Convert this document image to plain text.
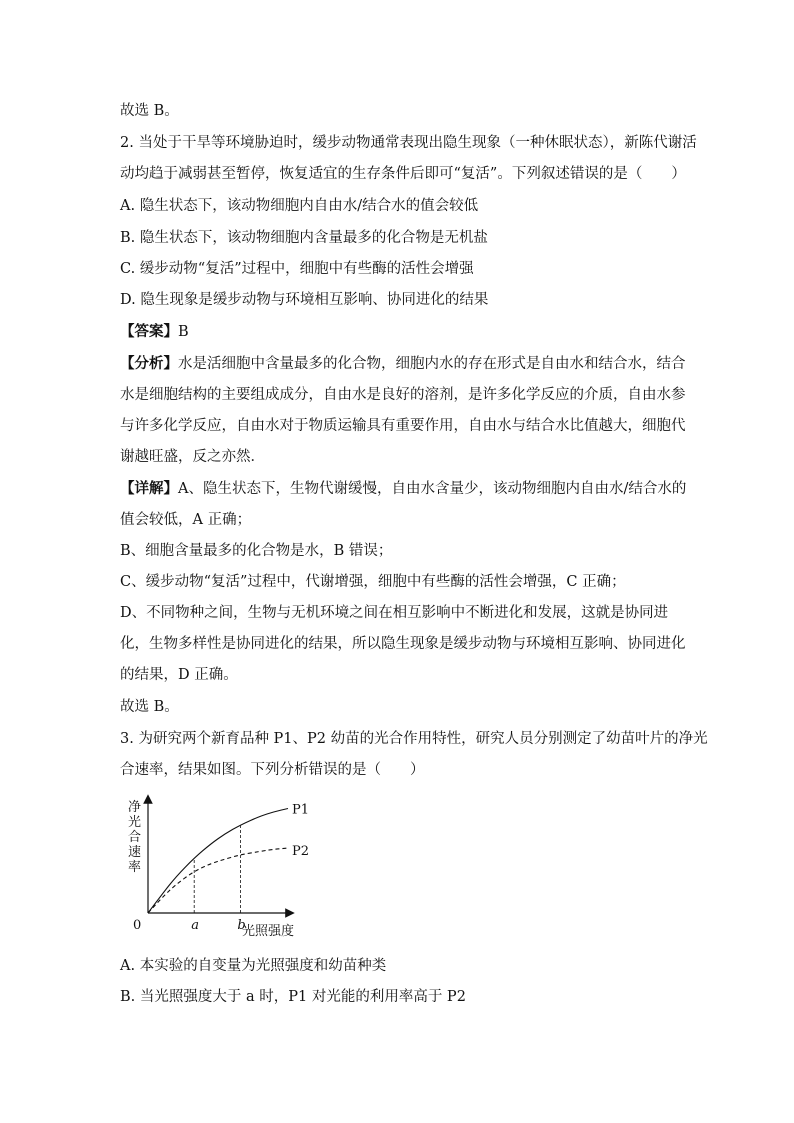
故选 B。
2. 当处于干旱等环境胁迫时，缓步动物通常表现出隐生现象（一种休眠状态），新陈代谢活
动均趋于减弱甚至暂停，恢复适宜的生存条件后即可“复活”。下列叙述错误的是（　　）
A. 隐生状态下，该动物细胞内自由水/结合水的值会较低
B. 隐生状态下，该动物细胞内含量最多的化合物是无机盐
C. 缓步动物“复活”过程中，细胞中有些酶的活性会增强
D. 隐生现象是缓步动物与环境相互影响、协同进化的结果
【答案】B
【分析】水是活细胞中含量最多的化合物，细胞内水的存在形式是自由水和结合水，结合
水是细胞结构的主要组成成分，自由水是良好的溶剂，是许多化学反应的介质，自由水参
与许多化学反应，自由水对于物质运输具有重要作用，自由水与结合水比值越大，细胞代
谢越旺盛，反之亦然．
【详解】A、隐生状态下，生物代谢缓慢，自由水含量少，该动物细胞内自由水/结合水的
值会较低，A 正确；
B、细胞含量最多的化合物是水，B 错误；
C、缓步动物“复活”过程中，代谢增强，细胞中有些酶的活性会增强，C 正确；
D、不同物种之间，生物与无机环境之间在相互影响中不断进化和发展，这就是协同进
化，生物多样性是协同进化的结果，所以隐生现象是缓步动物与环境相互影响、协同进化
的结果，D 正确。
故选 B。
3. 为研究两个新育品种 P1、P2 幼苗的光合作用特性，研究人员分别测定了幼苗叶片的净光
合速率，结果如图。下列分析错误的是（　　）
净光合速率
a	b
0	光照强度
P1
P2
A. 本实验的自变量为光照强度和幼苗种类
B. 当光照强度大于 a 时，P1 对光能的利用率高于 P2
